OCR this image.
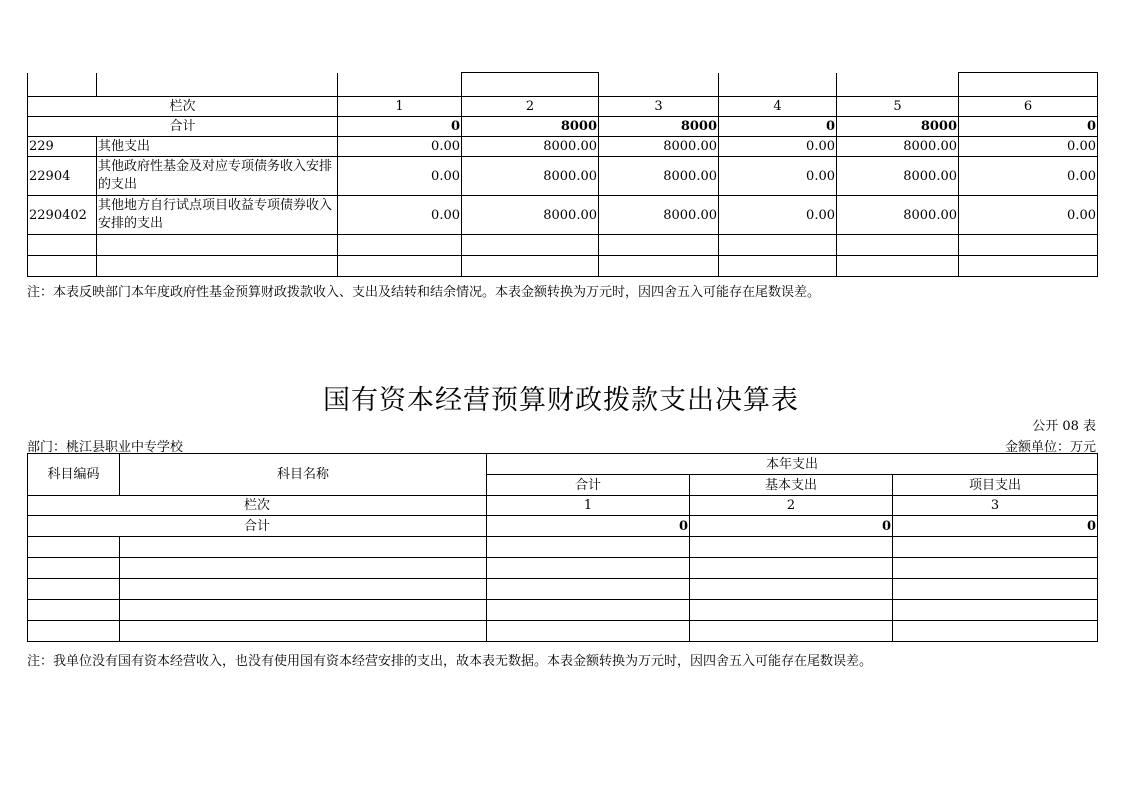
栏次		1	2	3	4	5	6
合计		0	8000	8000	0	8000	0
229	其他支出	0.00	8000.00	8000.00	0.00	8000.00	0.00
22904	其他政府性基金及对应专项债务收入安排的支出	0.00	8000.00	8000.00	0.00	8000.00	0.00
2290402	其他地方自行试点项目收益专项债券收入安排的支出	0.00	8000.00	8000.00	0.00	8000.00	0.00

注：本表反映部门本年度政府性基金预算财政拨款收入、支出及结转和结余情况。本表金额转换为万元时，因四舍五入可能存在尾数误差。
国有资本经营预算财政拨款支出决算表
公开 08 表
部门：桃江县职业中专学校	金额单位：万元
科目编码	科目名称	本年支出		
		合计	基本支出	项目支出
栏次		1	2	3
合计		0	0	0

注：我单位没有国有资本经营收入，也没有使用国有资本经营安排的支出，故本表无数据。本表金额转换为万元时，因四舍五入可能存在尾数误差。
